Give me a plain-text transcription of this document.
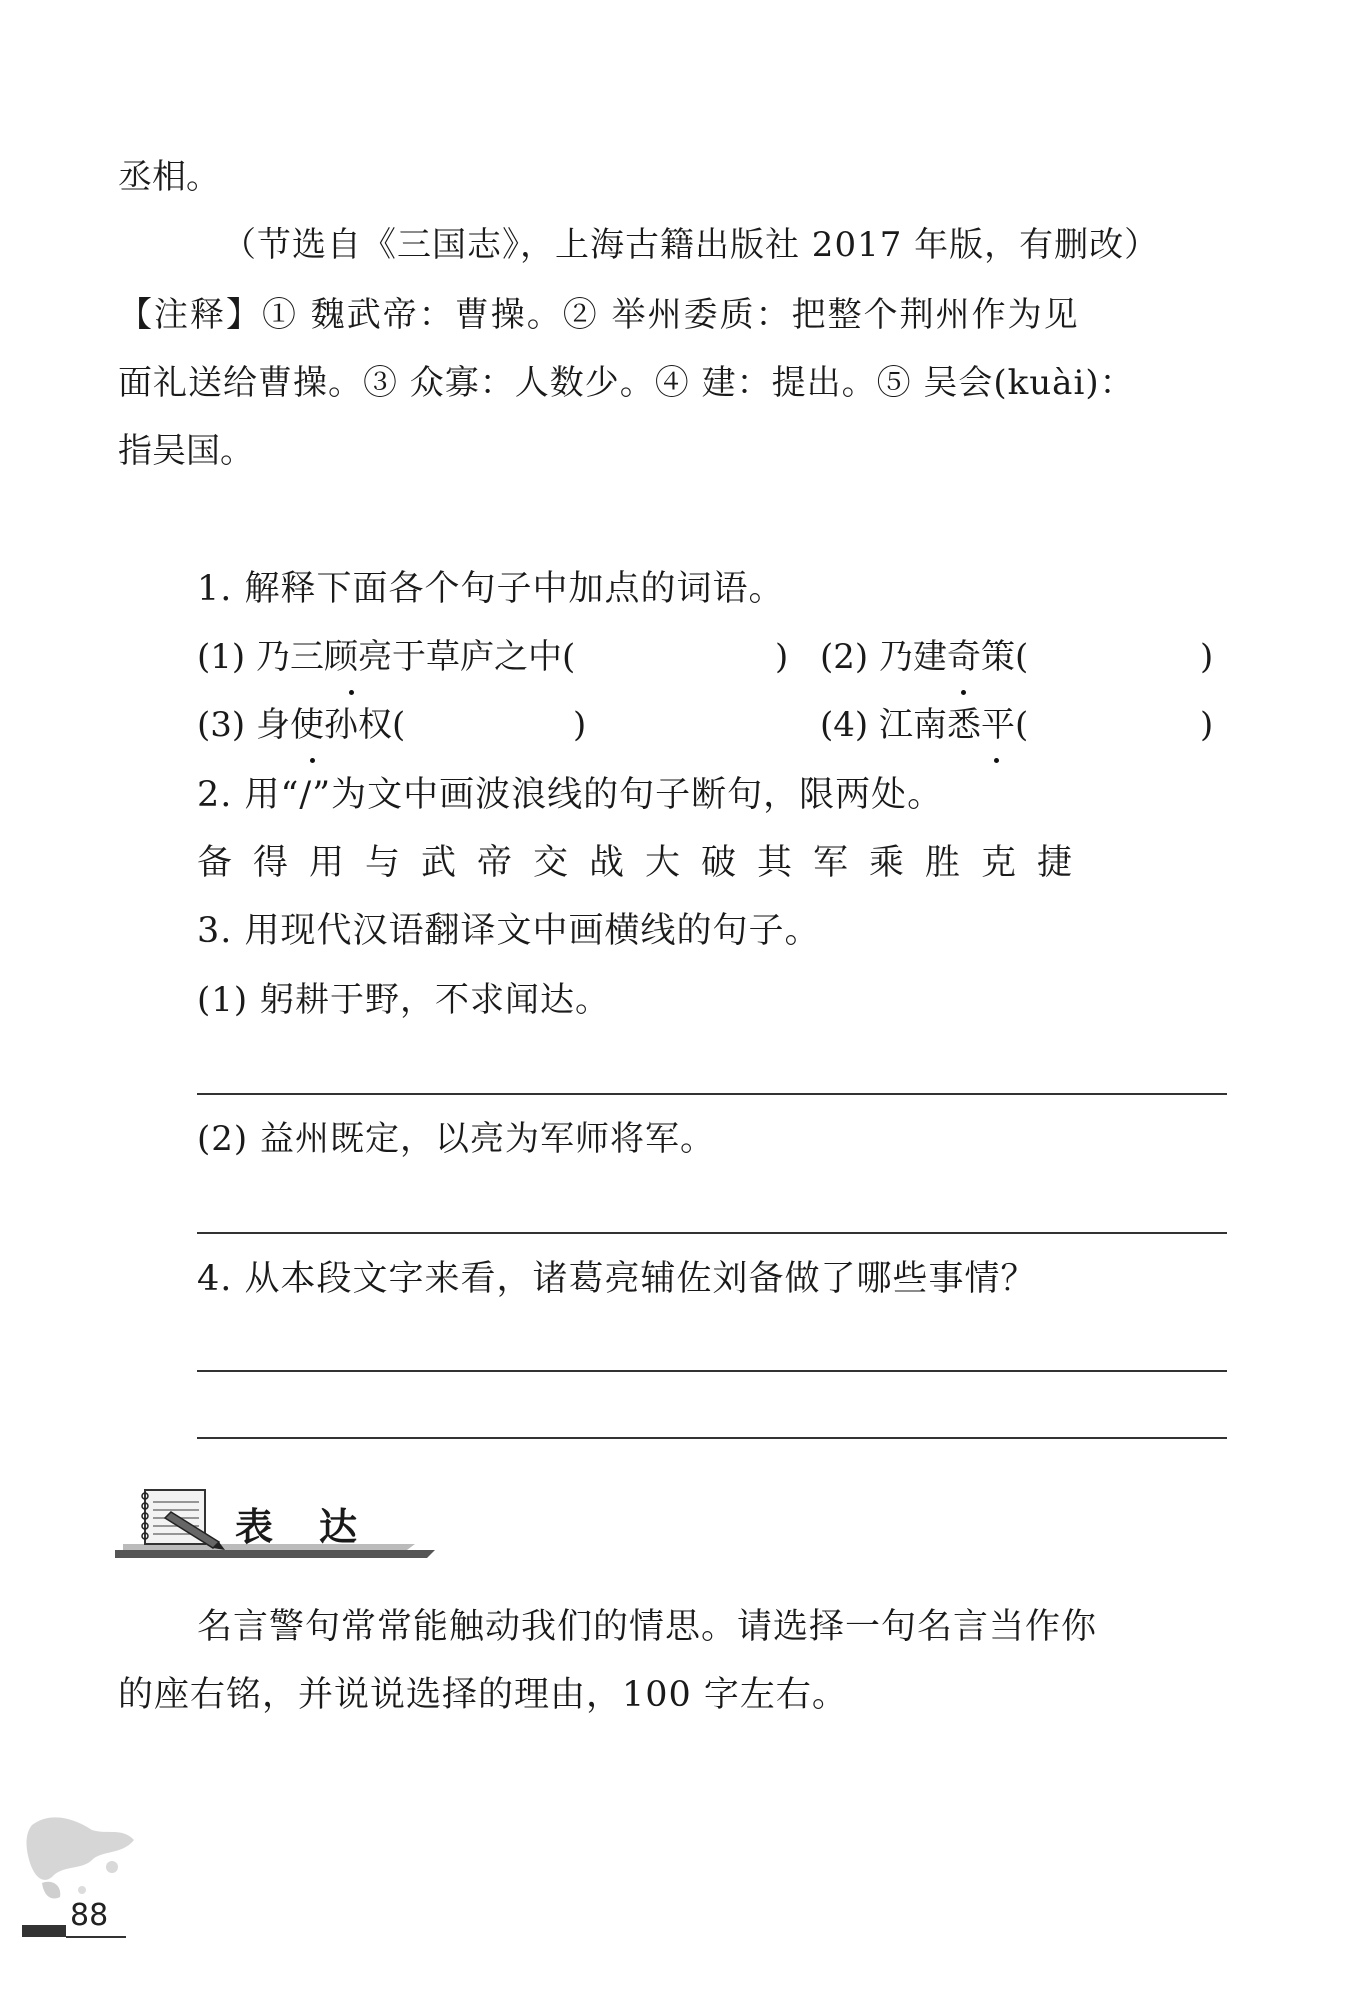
丞相。
（节选自《三国志》，上海古籍出版社 2017 年版，有删改）
【注释】① 魏武帝：曹操。② 举州委质：把整个荆州作为见
面礼送给曹操。③ 众寡：人数少。④ 建：提出。⑤ 吴会(kuài)：
指吴国。
1. 解释下面各个句子中加点的词语。
(1) 乃三顾亮于草庐之中(	) (2) 乃建奇策(	)
(3) 身使孙权(	)	(4) 江南悉平(	)
2. 用“/”为文中画波浪线的句子断句，限两处。
备得用与武帝交战大破其军乘胜克捷
3. 用现代汉语翻译文中画横线的句子。
(1) 躬耕于野，不求闻达。
(2) 益州既定，以亮为军师将军。
4. 从本段文字来看，诸葛亮辅佐刘备做了哪些事情？
表　达
名言警句常常能触动我们的情思。请选择一句名言当作你
的座右铭，并说说选择的理由，100 字左右。
88
